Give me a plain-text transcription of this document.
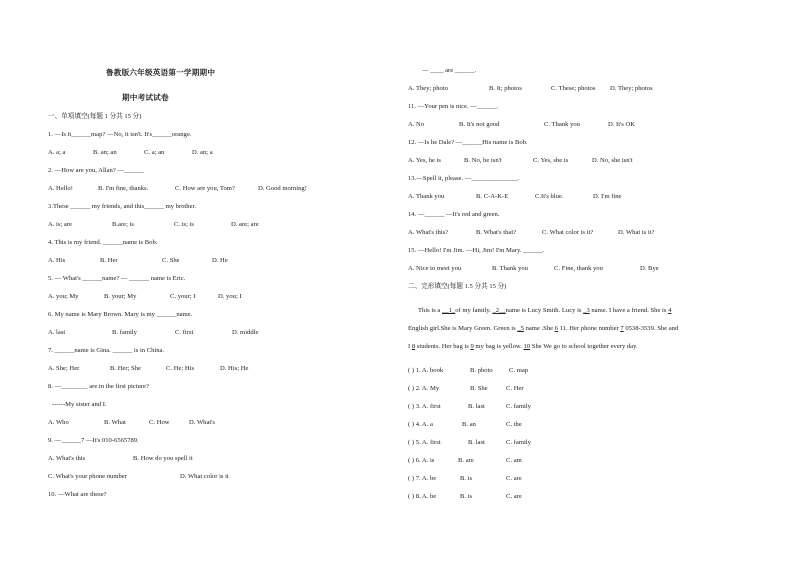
鲁教版六年级英语第一学期期中
期中考试试卷
一、单项填空(每题 1 分共 15 分)
1. —Is it______map? —No, it isn't. It's______orange.
A. a; a	B. an; an	C. a; an	D. an; a
2. —How are you, Allan? —______
A. Hello!	B. I'm fine, thanks.	C. How are you, Tom?	D. Good morning!
3.These ______ my friends, and this______ my brother.
A. is; are	B.are; is	C. is; is	D. are; are
4. This is my friend. ______name is Bob.
A. His	B. Her	C. She	D. He
5. — What's ______name? — ______ name is Eric.
A. you; My	B. your; My	C. your; I	D. you; I
6. My name is Mary Brown. Mary is my ______name.
A. last	B. family	C. first	D. middle
7. ______name is Gina. ______ is in China.
A. She; Her	B. Her; She	C. He; His	D. His; He
8. —________ are in the first picture?
------My sister and I.
A. Who	B. What	C. How	D. What's
9. —______7 —It's 010-6565789.
A. What's this	B. How do you spell it
C. What's your phone number	D. What color is it
10. —What are these?
— ____ are ______.
A. They; photo	B. It; photos	C. These; photos D. They; photos
11. —Your pen is nice. —______.
A. No	B. It's not good	C. Thank you	D. It's OK
12. —Is he Dale? —______His name is Bob.
A. Yes, he is	B. No, he isn't	C. Yes, she is	D. No, she isn't
13.—Spell it, please. —______________.
A. Thank you	B. C-A-K-E	C.It's blue.	D. I'm fine
14. —______ —It's red and green.
A. What's this?	B. What's that?	C. What color is it?	D. What is it?
15. —Hello! I'm Jim. —Hi, Jim! I'm Mary. ______.
A. Nice to meet you	B. Thank you	C. Fine, thank you	D. Bye
二、完形填空(每题 1.5 分共 15 分)
This is a __1_of my family. _2__name is Lucy Smith. Lucy is _3 name. I have a friend. She is 4
English girl.She is Mary Green. Green is _5 name .She 6 11. Her phone number 7 0538-3539. She and
I 8 students. Her bag is 9 my bag is yellow. 10 She We go to school together every day.
( ) 1. A. book	B. photo C. map
( ) 2. A. My	B. She	C. Her
( ) 3. A. first	B. last	C. family
( ) 4. A. a	B. an	C. the
( ) 5. A. first	B. last	C. family
( ) 6. A. is	B. are	C. am
( ) 7. A. be	B. is	C. are
( ) 8. A. be	B. is	C. are
